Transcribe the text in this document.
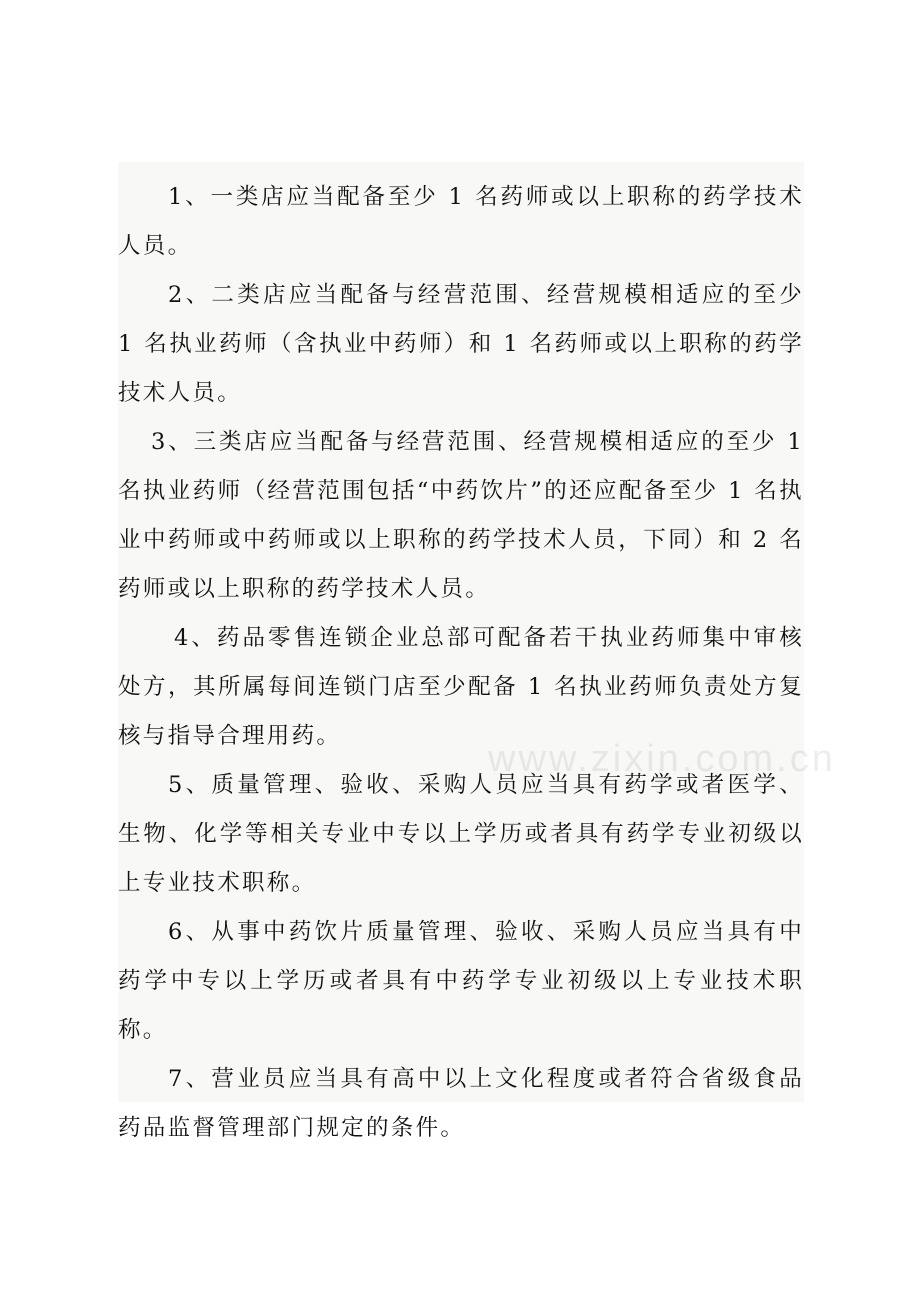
www.zixin.com.cn

1、一类店应当配备至少 1 名药师或以上职称的药学技术人员。

2、二类店应当配备与经营范围、经营规模相适应的至少 1 名执业药师（含执业中药师）和 1 名药师或以上职称的药学技术人员。

3、三类店应当配备与经营范围、经营规模相适应的至少 1 名执业药师（经营范围包括“中药饮片”的还应配备至少 1 名执业中药师或中药师或以上职称的药学技术人员，下同）和 2 名药师或以上职称的药学技术人员。

4、药品零售连锁企业总部可配备若干执业药师集中审核处方，其所属每间连锁门店至少配备 1 名执业药师负责处方复核与指导合理用药。

5、质量管理、验收、采购人员应当具有药学或者医学、生物、化学等相关专业中专以上学历或者具有药学专业初级以上专业技术职称。

6、从事中药饮片质量管理、验收、采购人员应当具有中药学中专以上学历或者具有中药学专业初级以上专业技术职称。

7、营业员应当具有高中以上文化程度或者符合省级食品药品监督管理部门规定的条件。
